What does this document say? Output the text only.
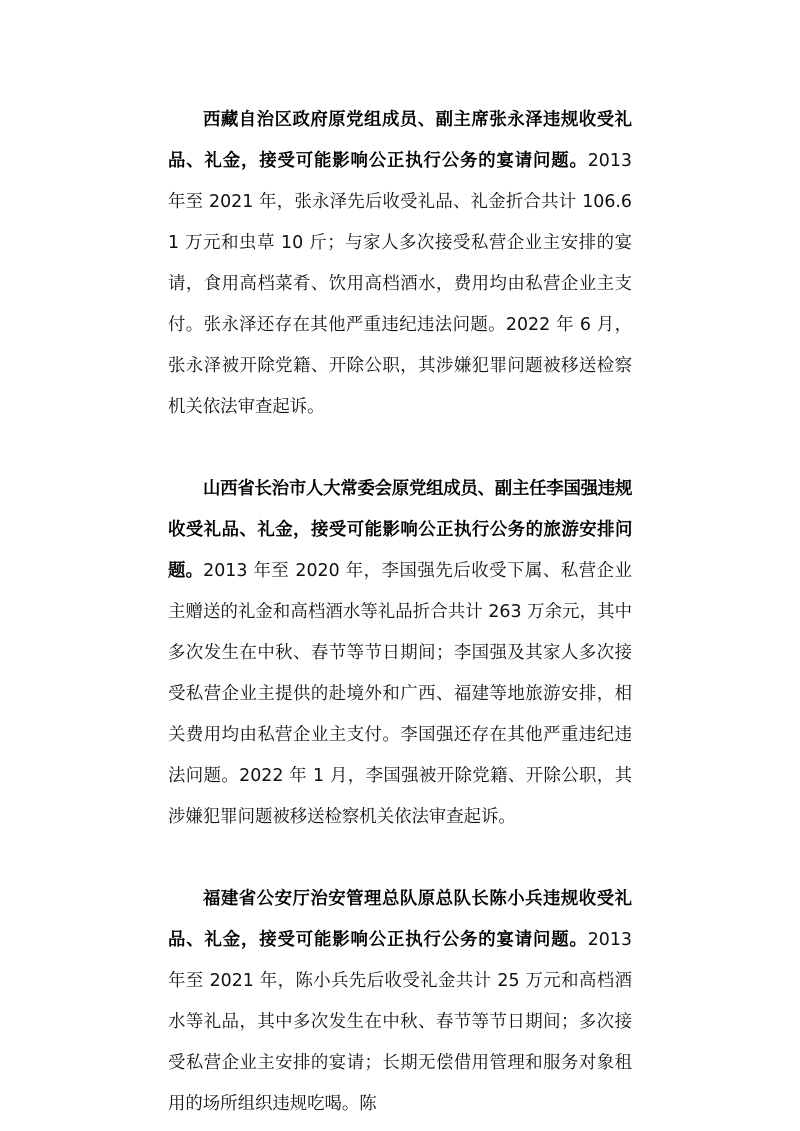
西藏自治区政府原党组成员、副主席张永泽违规收受礼品、礼金，接受可能影响公正执行公务的宴请问题。2013 年至 2021 年，张永泽先后收受礼品、礼金折合共计 106.61 万元和虫草 10 斤；与家人多次接受私营企业主安排的宴请，食用高档菜肴、饮用高档酒水，费用均由私营企业主支付。张永泽还存在其他严重违纪违法问题。2022 年 6 月，张永泽被开除党籍、开除公职，其涉嫌犯罪问题被移送检察机关依法审查起诉。

山西省长治市人大常委会原党组成员、副主任李国强违规收受礼品、礼金，接受可能影响公正执行公务的旅游安排问题。2013 年至 2020 年，李国强先后收受下属、私营企业主赠送的礼金和高档酒水等礼品折合共计 263 万余元，其中多次发生在中秋、春节等节日期间；李国强及其家人多次接受私营企业主提供的赴境外和广西、福建等地旅游安排，相关费用均由私营企业主支付。李国强还存在其他严重违纪违法问题。2022 年 1 月，李国强被开除党籍、开除公职，其涉嫌犯罪问题被移送检察机关依法审查起诉。

福建省公安厅治安管理总队原总队长陈小兵违规收受礼品、礼金，接受可能影响公正执行公务的宴请问题。2013 年至 2021 年，陈小兵先后收受礼金共计 25 万元和高档酒水等礼品，其中多次发生在中秋、春节等节日期间；多次接受私营企业主安排的宴请；长期无偿借用管理和服务对象租用的场所组织违规吃喝。陈
